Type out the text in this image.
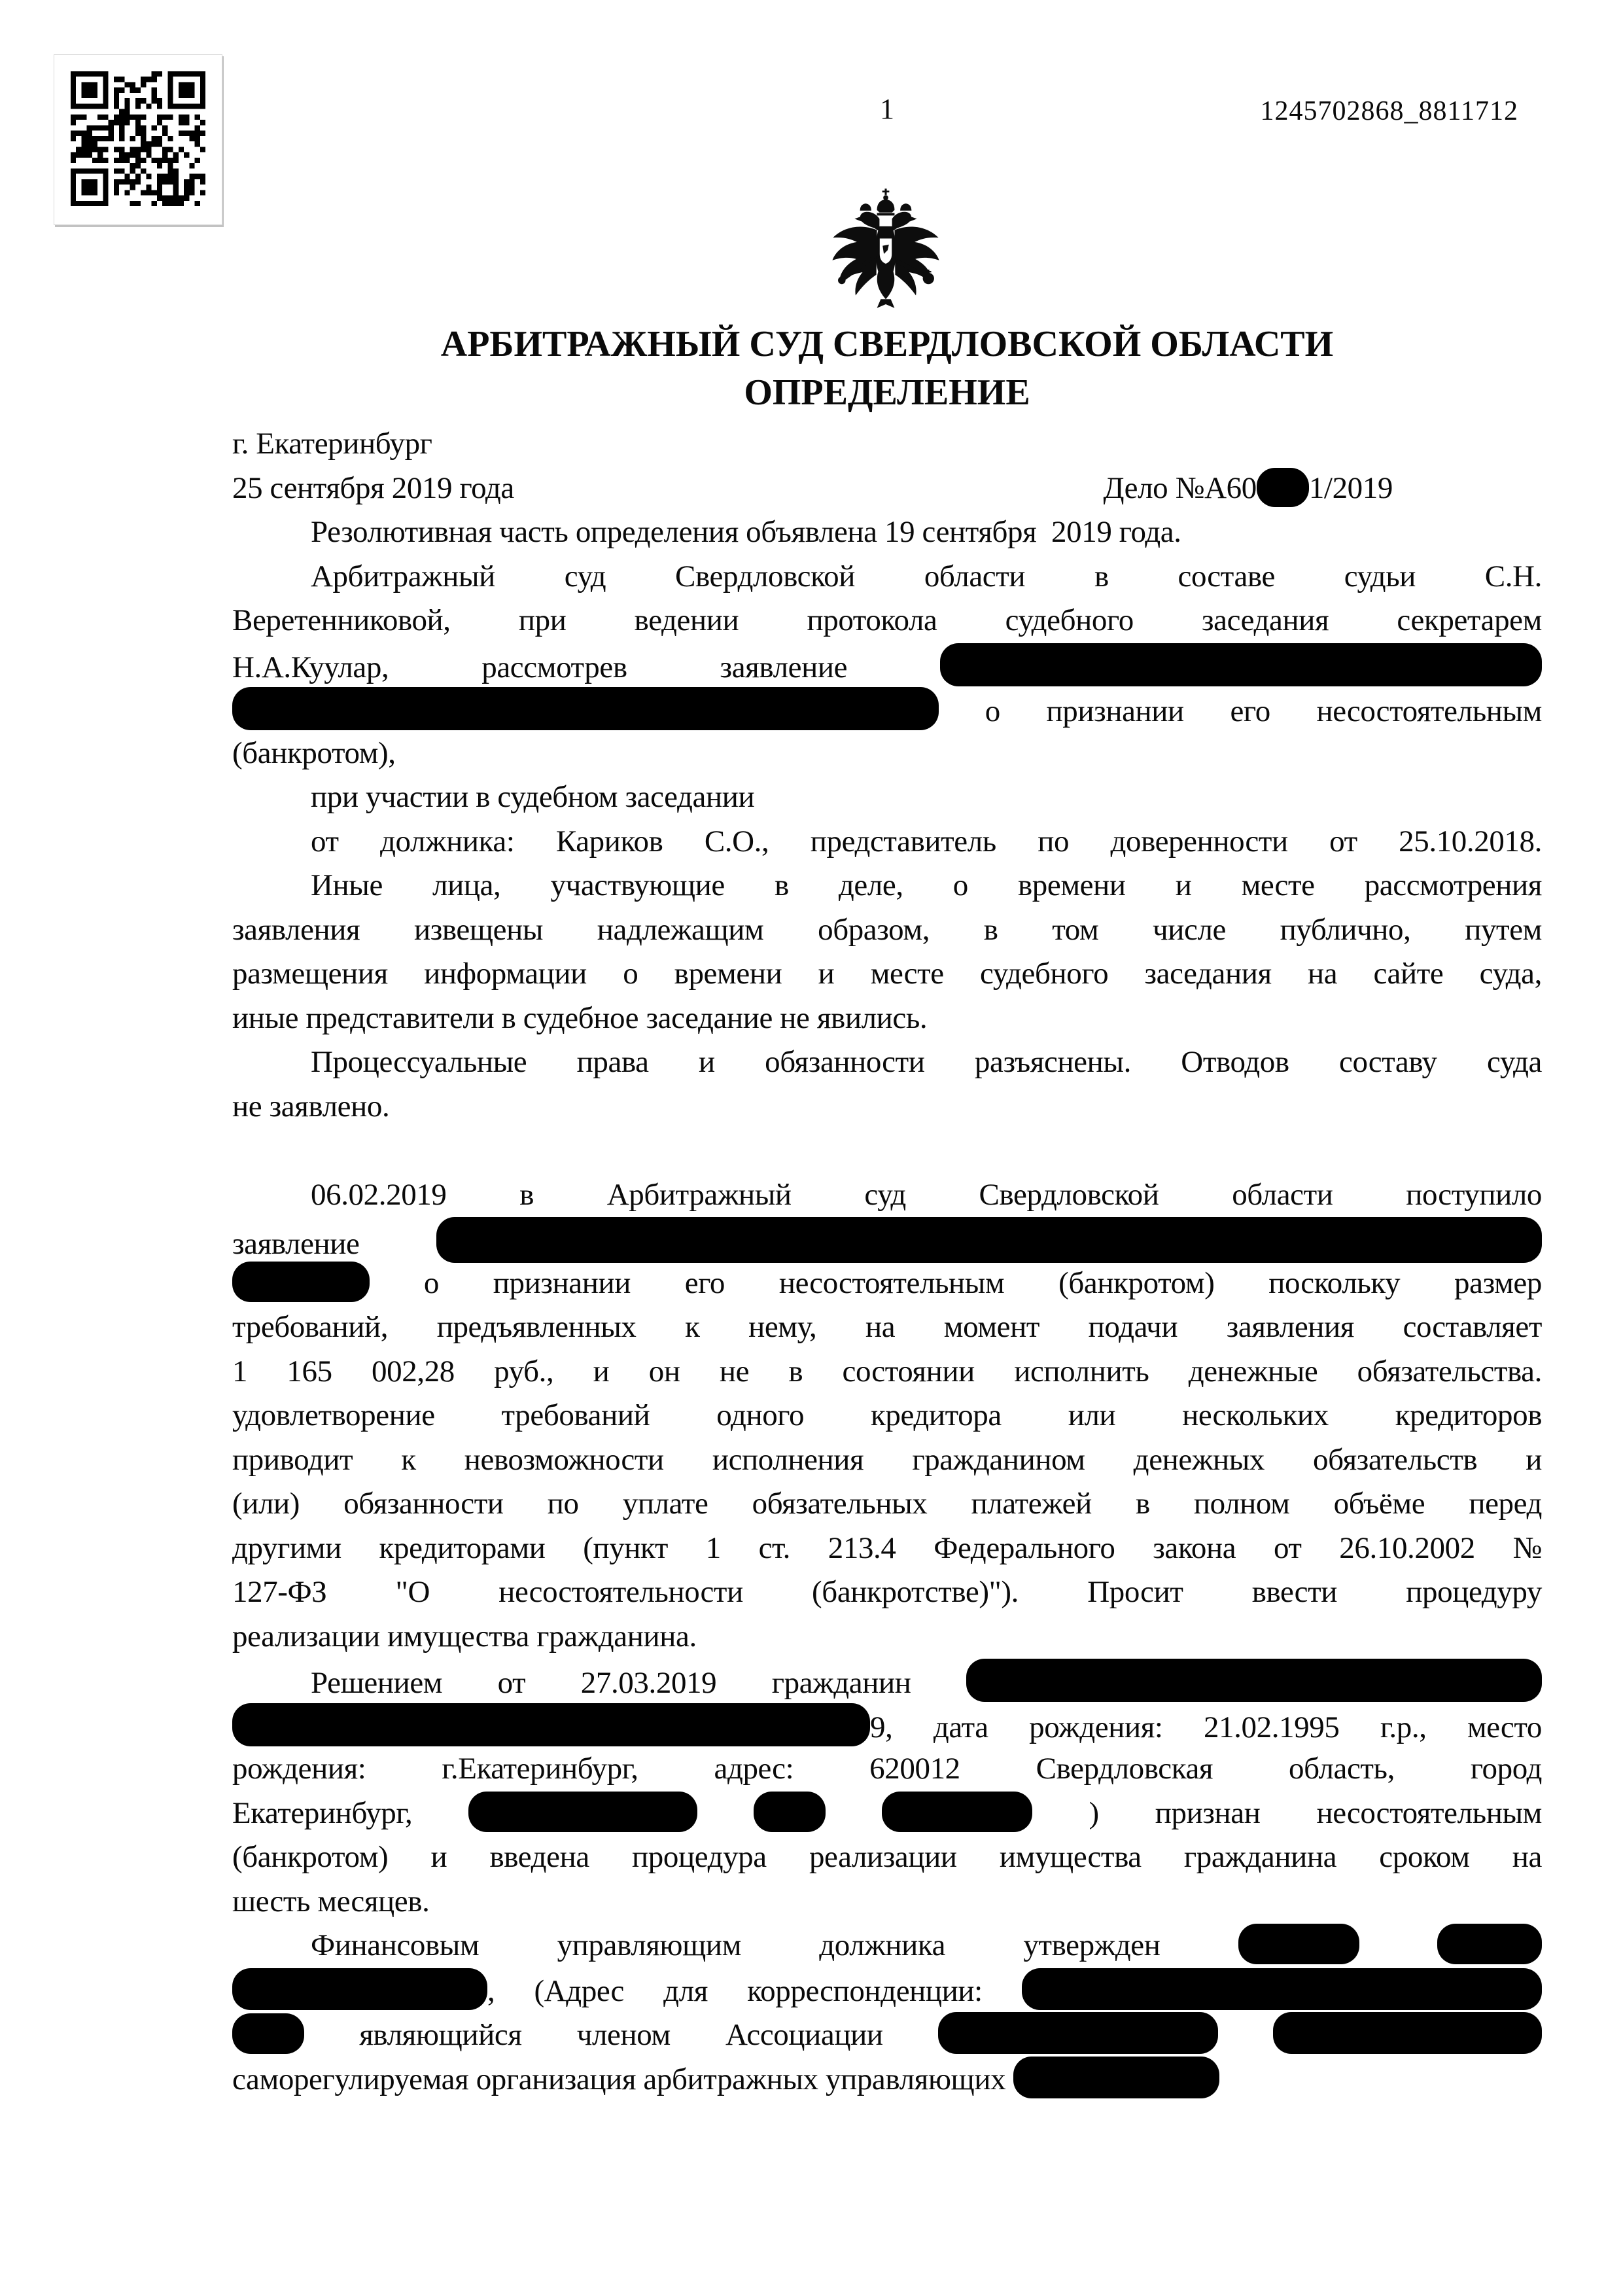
1	1245702868_8811712
АРБИТРАЖНЫЙ СУД СВЕРДЛОВСКОЙ ОБЛАСТИ
ОПРЕДЕЛЕНИЕ
г. Екатеринбург
25 сентября 2019 года	Дело №А60 1/2019
Резолютивная часть определения объявлена 19 сентября  2019 года.
Арбитражный суд Свердловской области в составе судьи С.Н.
Веретенниковой, при ведении протокола судебного заседания секретарем
Н.А.Куулар,	рассмотрев заявление
о признании его несостоятельным
(банкротом),
при участии в судебном заседании
от должника: Кариков С.О., представитель по доверенности от 25.10.2018.
Иные лица, участвующие в деле, о времени и месте рассмотрения
заявления извещены надлежащим образом, в том числе публично, путем
размещения информации о времени и месте судебного заседания на сайте суда,
иные представители в судебное заседание не явились.
Процессуальные права и обязанности разъяснены. Отводов составу суда
не заявлено.
06.02.2019 в Арбитражный суд Свердловской области поступило
заявление
о признании его несостоятельным (банкротом) поскольку размер
требований, предъявленных к нему, на момент подачи заявления составляет
1 165 002,28 руб., и он не в состоянии исполнить денежные обязательства.
удовлетворение требований одного кредитора или нескольких кредиторов
приводит к невозможности исполнения гражданином денежных обязательств и
(или) обязанности по уплате обязательных платежей в полном объёме перед
другими кредиторами (пункт 1 ст. 213.4 Федерального закона от 26.10.2002 №
127-ФЗ "О несостоятельности (банкротстве)"). Просит ввести процедуру
реализации имущества гражданина.
Решением от 27.03.2019 гражданин
9, дата рождения: 21.02.1995 г.р., место
рождения: г.Екатеринбург, адрес: 620012 Свердловская область, город
Екатеринбург,	) признан несостоятельным
(банкротом) и введена процедура реализации имущества гражданина сроком на
шесть месяцев.
Финансовым управляющим должника утвержден
, (Адрес для корреспонденции:
являющийся членом Ассоциации
саморегулируемая организация арбитражных управляющих
